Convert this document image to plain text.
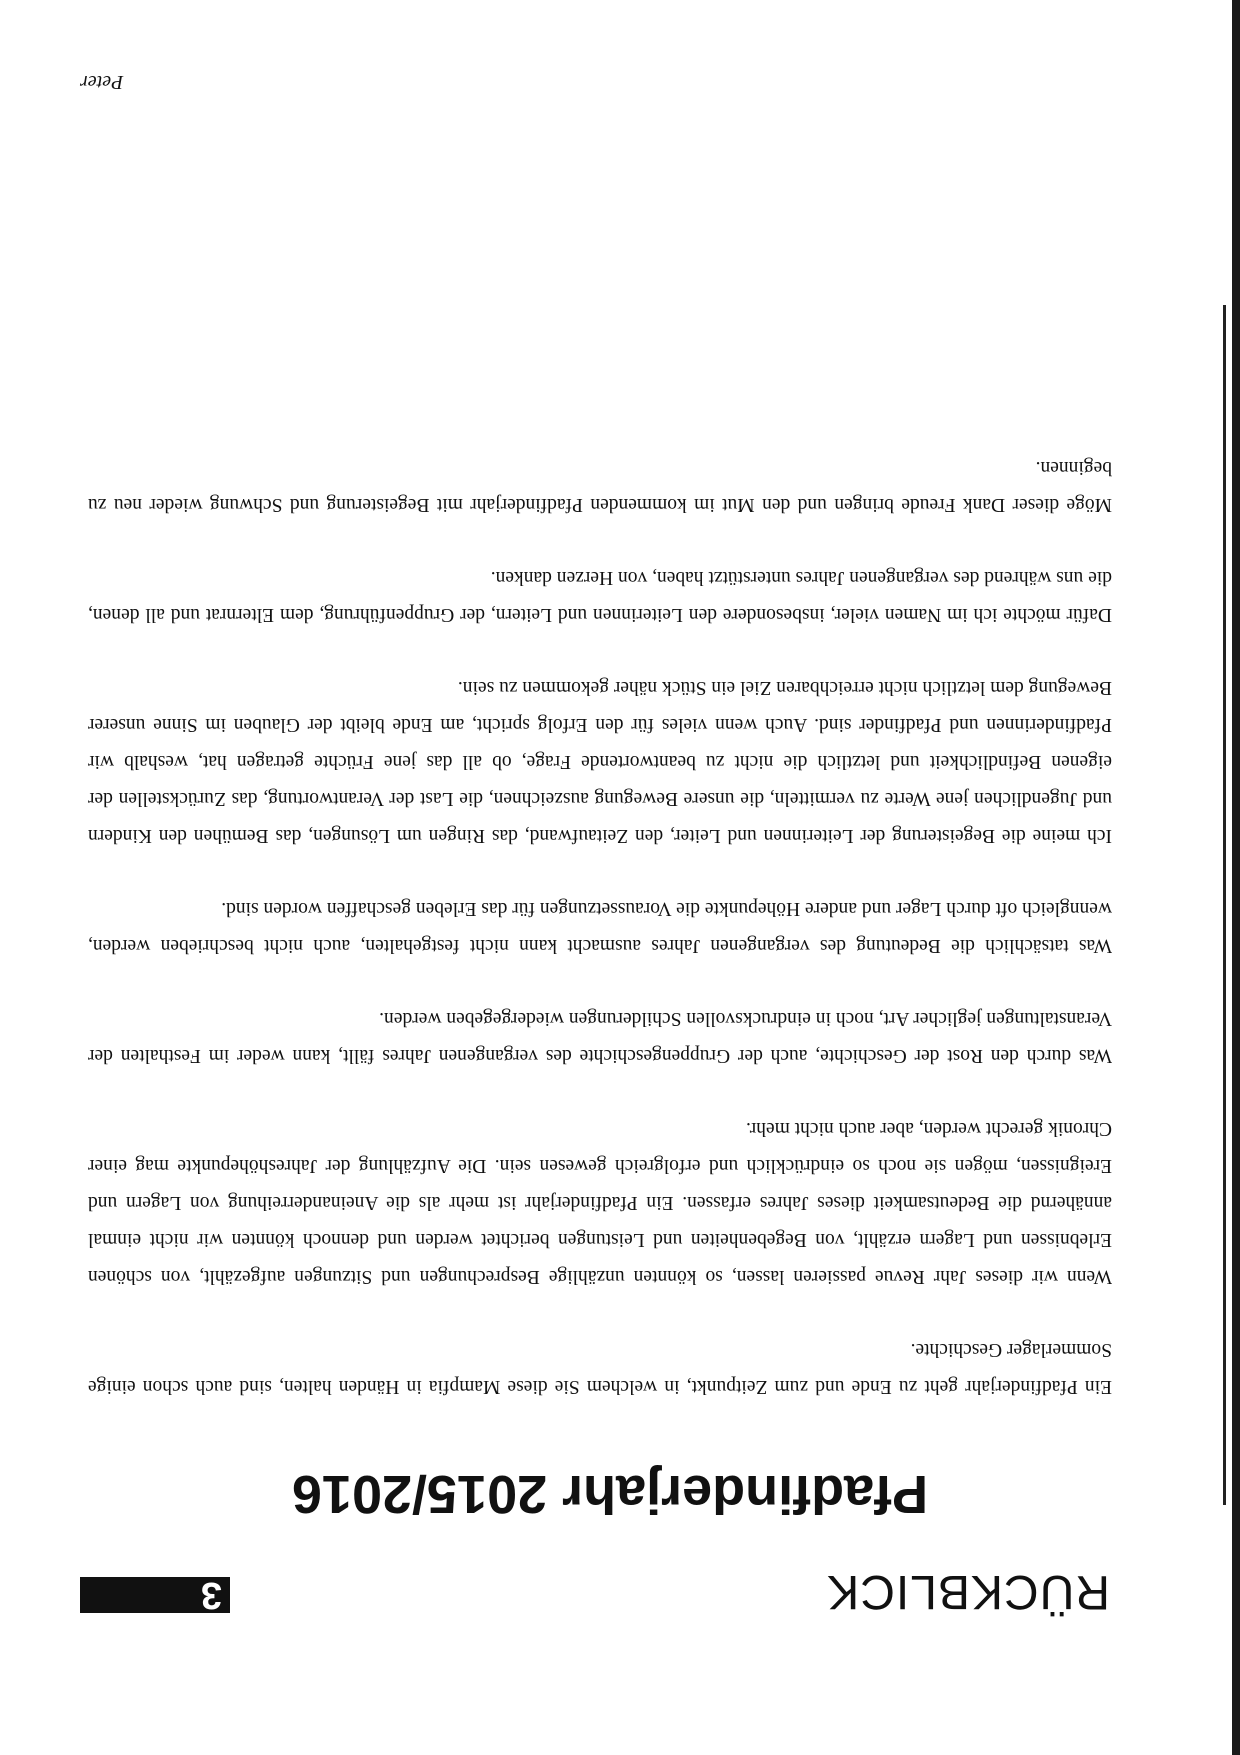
RÜCKBLICK
3
Pfadfinderjahr 2015/2016

Ein Pfadfinderjahr geht zu Ende und zum Zeitpunkt, in welchem Sie diese Mampfia in Händen halten, sind auch schon einige Sommerlager Geschichte.

Wenn wir dieses Jahr Revue passieren lassen, so könnten unzählige Besprechungen und Sitzungen aufgezählt, von schönen Erlebnissen und Lagern erzählt, von Begebenheiten und Leistungen berichtet werden und dennoch könnten wir nicht einmal annähernd die Bedeutsamkeit dieses Jahres erfassen. Ein Pfadfinderjahr ist mehr als die Aneinanderreihung von Lagern und Ereignissen, mögen sie noch so eindrücklich und erfolgreich gewesen sein. Die Aufzählung der Jahreshöhepunkte mag einer Chronik gerecht werden, aber auch nicht mehr.

Was durch den Rost der Geschichte, auch der Gruppengeschichte des vergangenen Jahres fällt, kann weder im Festhalten der Veranstaltungen jeglicher Art, noch in eindrucksvollen Schilderungen wiedergegeben werden.

Was tatsächlich die Bedeutung des vergangenen Jahres ausmacht kann nicht festgehalten, auch nicht beschrieben werden, wenngleich oft durch Lager und andere Höhepunkte die Voraussetzungen für das Erleben geschaffen worden sind.

Ich meine die Begeisterung der Leiterinnen und Leiter, den Zeitaufwand, das Ringen um Lösungen, das Bemühen den Kindern und Jugendlichen jene Werte zu vermitteln, die unsere Bewegung auszeichnen, die Last der Verantwortung, das Zurückstellen der eigenen Befindlichkeit und letztlich die nicht zu beantwortende Frage, ob all das jene Früchte getragen hat, weshalb wir Pfadfinderinnen und Pfadfinder sind. Auch wenn vieles für den Erfolg spricht, am Ende bleibt der Glauben im Sinne unserer Bewegung dem letztlich nicht erreichbaren Ziel ein Stück näher gekommen zu sein.

Dafür möchte ich im Namen vieler, insbesondere den Leiterinnen und Leitern, der Gruppenführung, dem Elternrat und all denen, die uns während des vergangenen Jahres unterstützt haben, von Herzen danken.

Möge dieser Dank Freude bringen und den Mut im kommenden Pfadfinderjahr mit Begeisterung und Schwung wieder neu zu beginnen.

Peter
